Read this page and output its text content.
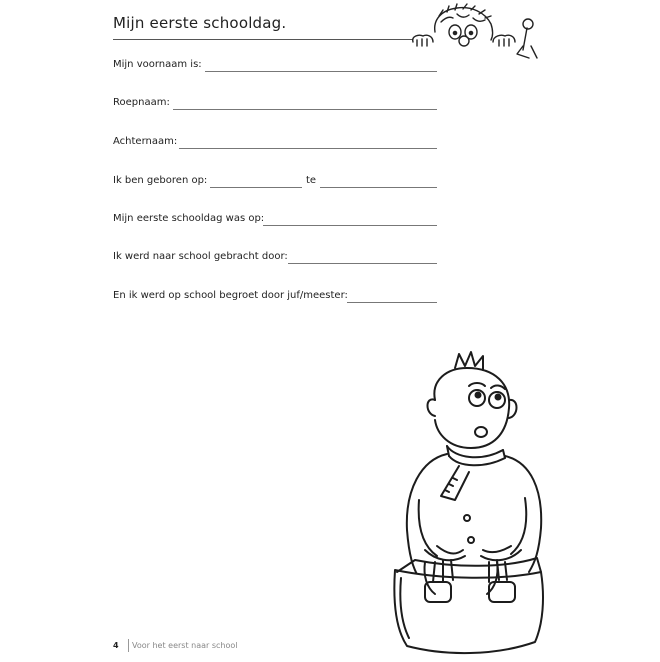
Mijn eerste schooldag.
Mijn voornaam is:
Roepnaam:
Achternaam:
Ik ben geboren op:	te
Mijn eerste schooldag was op:
Ik werd naar school gebracht door:
En ik werd op school begroet door juf/meester:
4 Voor het eerst naar school
